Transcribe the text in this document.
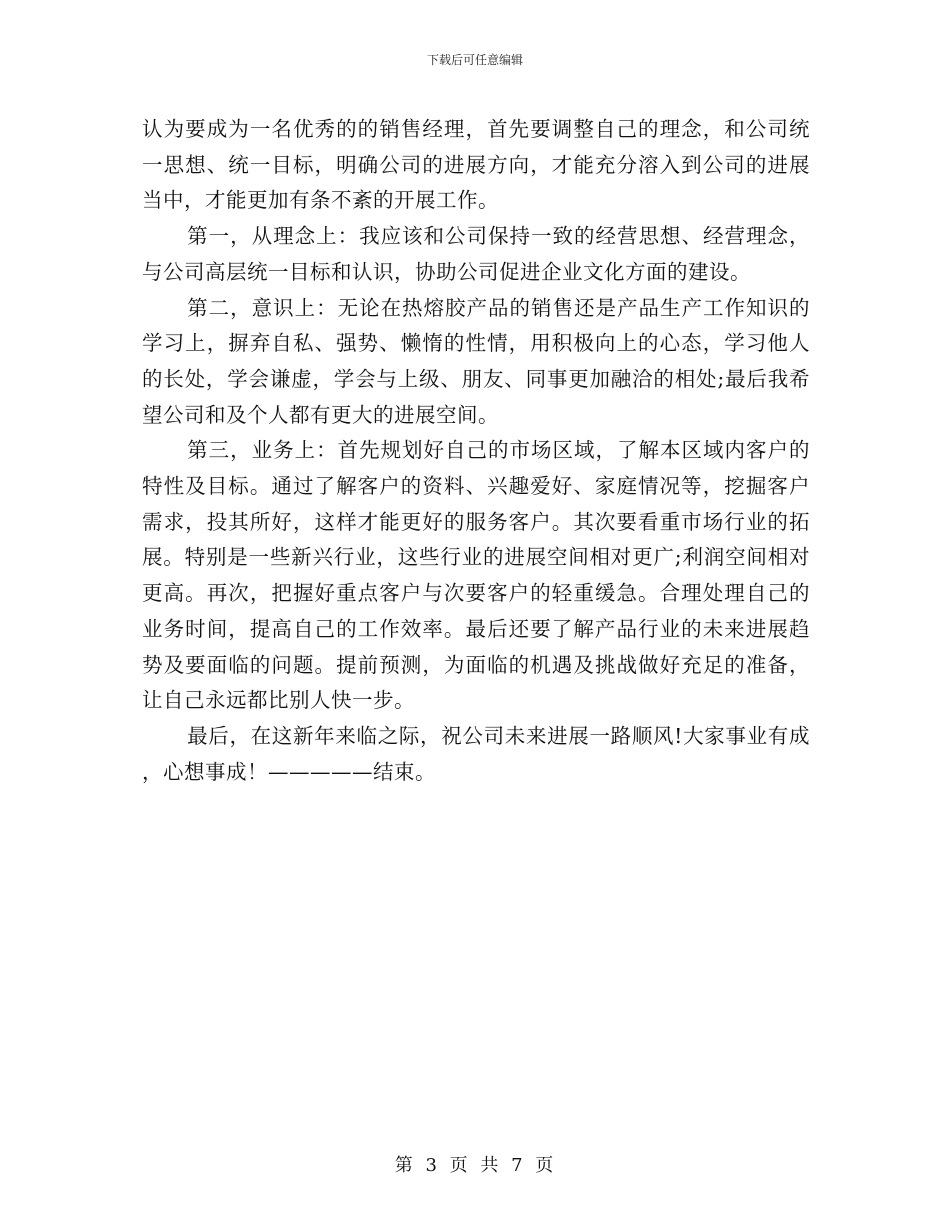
下载后可任意编辑

认为要成为一名优秀的的销售经理，首先要调整自己的理念，和公司统一思想、统一目标，明确公司的进展方向，才能充分溶入到公司的进展当中，才能更加有条不紊的开展工作。

第一，从理念上：我应该和公司保持一致的经营思想、经营理念，与公司高层统一目标和认识，协助公司促进企业文化方面的建设。

第二，意识上：无论在热熔胶产品的销售还是产品生产工作知识的学习上，摒弃自私、强势、懒惰的性情，用积极向上的心态，学习他人的长处，学会谦虚，学会与上级、朋友、同事更加融洽的相处;最后我希望公司和及个人都有更大的进展空间。

第三，业务上：首先规划好自己的市场区域，了解本区域内客户的特性及目标。通过了解客户的资料、兴趣爱好、家庭情况等，挖掘客户需求，投其所好，这样才能更好的服务客户。其次要看重市场行业的拓展。特别是一些新兴行业，这些行业的进展空间相对更广;利润空间相对更高。再次，把握好重点客户与次要客户的轻重缓急。合理处理自己的业务时间，提高自己的工作效率。最后还要了解产品行业的未来进展趋势及要面临的问题。提前预测，为面临的机遇及挑战做好充足的准备，让自己永远都比别人快一步。

最后，在这新年来临之际，祝公司未来进展一路顺风!大家事业有成，心想事成！—————结束。

第 3 页 共 7 页
